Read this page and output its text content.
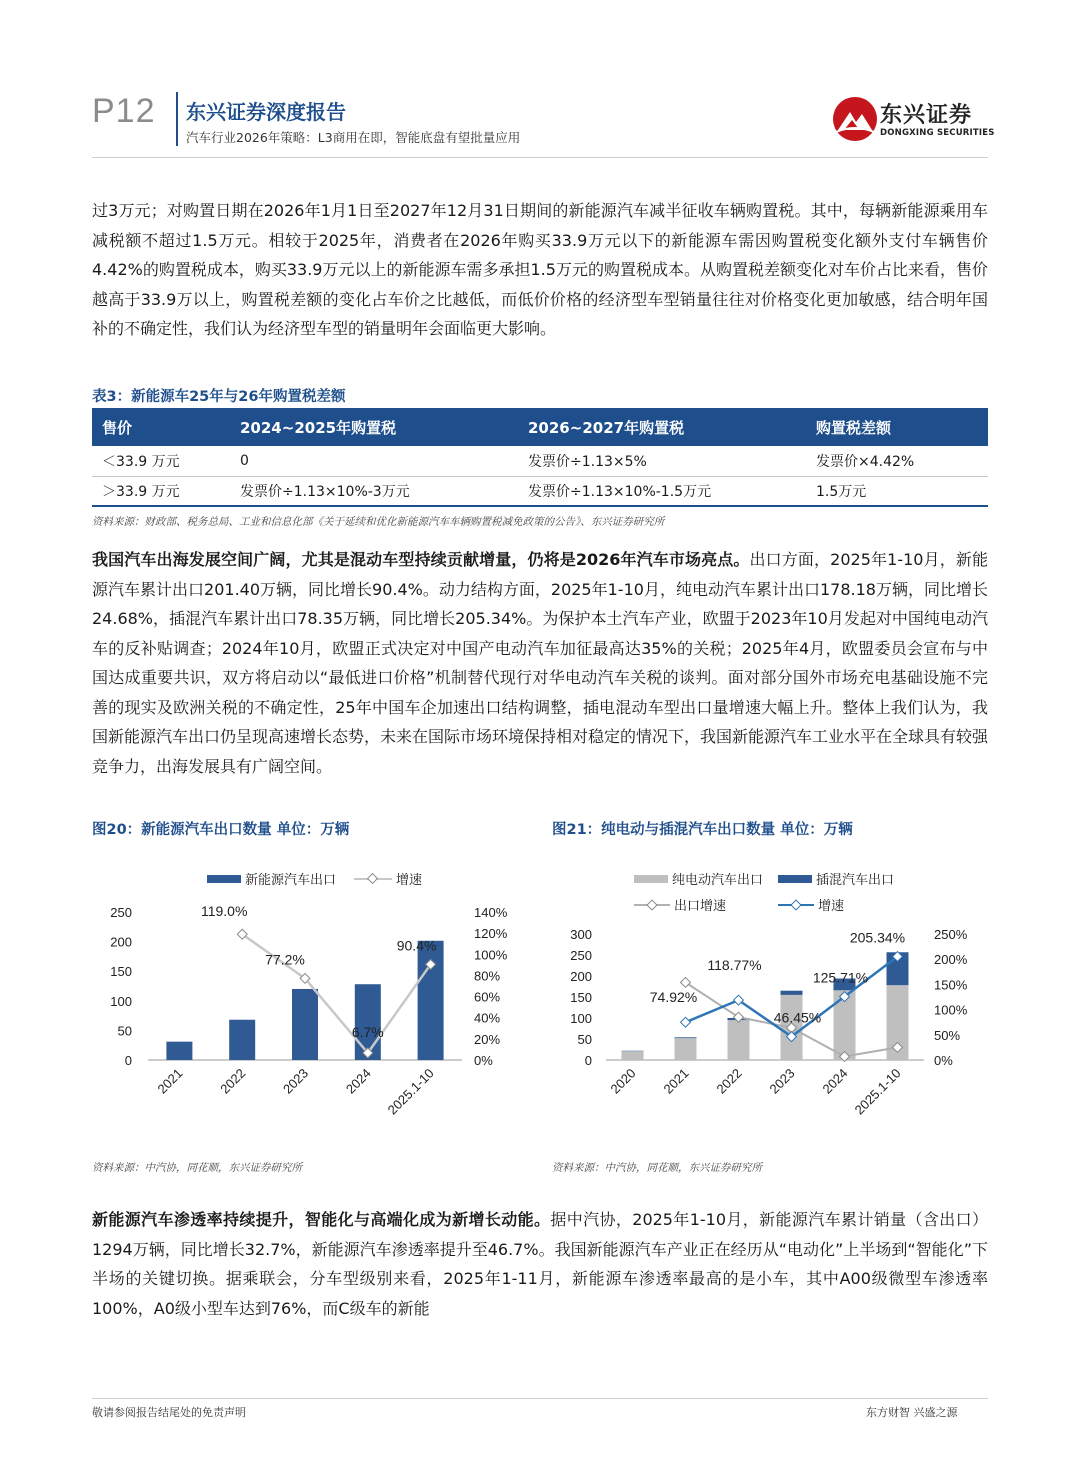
P12 东兴证券深度报告
汽车行业2026年策略：L3商用在即，智能底盘有望批量应用
东兴证券
DONGXING SECURITIES

过3万元；对购置日期在2026年1月1日至2027年12月31日期间的新能源汽车减半征收车辆购置税。其中，每辆新能源乘用车减税额不超过1.5万元。相较于2025年，消费者在2026年购买33.9万元以下的新能源车需因购置税变化额外支付车辆售价4.42%的购置税成本，购买33.9万元以上的新能源车需多承担1.5万元的购置税成本。从购置税差额变化对车价占比来看，售价越高于33.9万以上，购置税差额的变化占车价之比越低，而低价价格的经济型车型销量往往对价格变化更加敏感，结合明年国补的不确定性，我们认为经济型车型的销量明年会面临更大影响。

表3：新能源车25年与26年购置税差额
售价	2024~2025年购置税	2026~2027年购置税	购置税差额
＜33.9 万元	0	发票价÷1.13×5%	发票价×4.42%
＞33.9 万元	发票价÷1.13×10%-3万元	发票价÷1.13×10%-1.5万元	1.5万元
资料来源：财政部、税务总局、工业和信息化部《关于延续和优化新能源汽车车辆购置税减免政策的公告》、东兴证券研究所

我国汽车出海发展空间广阔，尤其是混动车型持续贡献增量，仍将是2026年汽车市场亮点。出口方面，2025年1-10月，新能源汽车累计出口201.40万辆，同比增长90.4%。动力结构方面，2025年1-10月，纯电动汽车累计出口178.18万辆，同比增长24.68%，插混汽车累计出口78.35万辆，同比增长205.34%。为保护本土汽车产业，欧盟于2023年10月发起对中国纯电动汽车的反补贴调查；2024年10月，欧盟正式决定对中国产电动汽车加征最高达35%的关税；2025年4月，欧盟委员会宣布与中国达成重要共识，双方将启动以“最低进口价格”机制替代现行对华电动汽车关税的谈判。面对部分国外市场充电基础设施不完善的现实及欧洲关税的不确定性，25年中国车企加速出口结构调整，插电混动车型出口量增速大幅上升。整体上我们认为，我国新能源汽车出口仍呈现高速增长态势，未来在国际市场环境保持相对稳定的情况下，我国新能源汽车工业水平在全球具有较强竞争力，出海发展具有广阔空间。

图20：新能源汽车出口数量 单位：万辆
新能源汽车出口	增速
250
200
150
100
50
0
140%
120%
100%
80%
60%
40%
20%
0%
119.0%
77.2%
6.7%
90.4%
2021 2022 2023 2024 2025.1-10
资料来源：中汽协，同花顺，东兴证券研究所
图21：纯电动与插混汽车出口数量 单位：万辆
纯电动汽车出口	插混汽车出口
出口增速	增速
300
250
200
150
100
50
0
250%
200%
150%
100%
50%
0%
74.92%
118.77%
46.45%
125.71%
205.34%
2020 2021 2022 2023 2024 2025.1-10
资料来源：中汽协，同花顺，东兴证券研究所

新能源汽车渗透率持续提升，智能化与高端化成为新增长动能。据中汽协，2025年1-10月，新能源汽车累计销量（含出口）1294万辆，同比增长32.7%，新能源汽车渗透率提升至46.7%。我国新能源汽车产业正在经历从“电动化”上半场到“智能化”下半场的关键切换。据乘联会，分车型级别来看，2025年1-11月，新能源车渗透率最高的是小车，其中A00级微型车渗透率100%，A0级小型车达到76%，而C级车的新能

敬请参阅报告结尾处的免责声明	东方财智 兴盛之源
